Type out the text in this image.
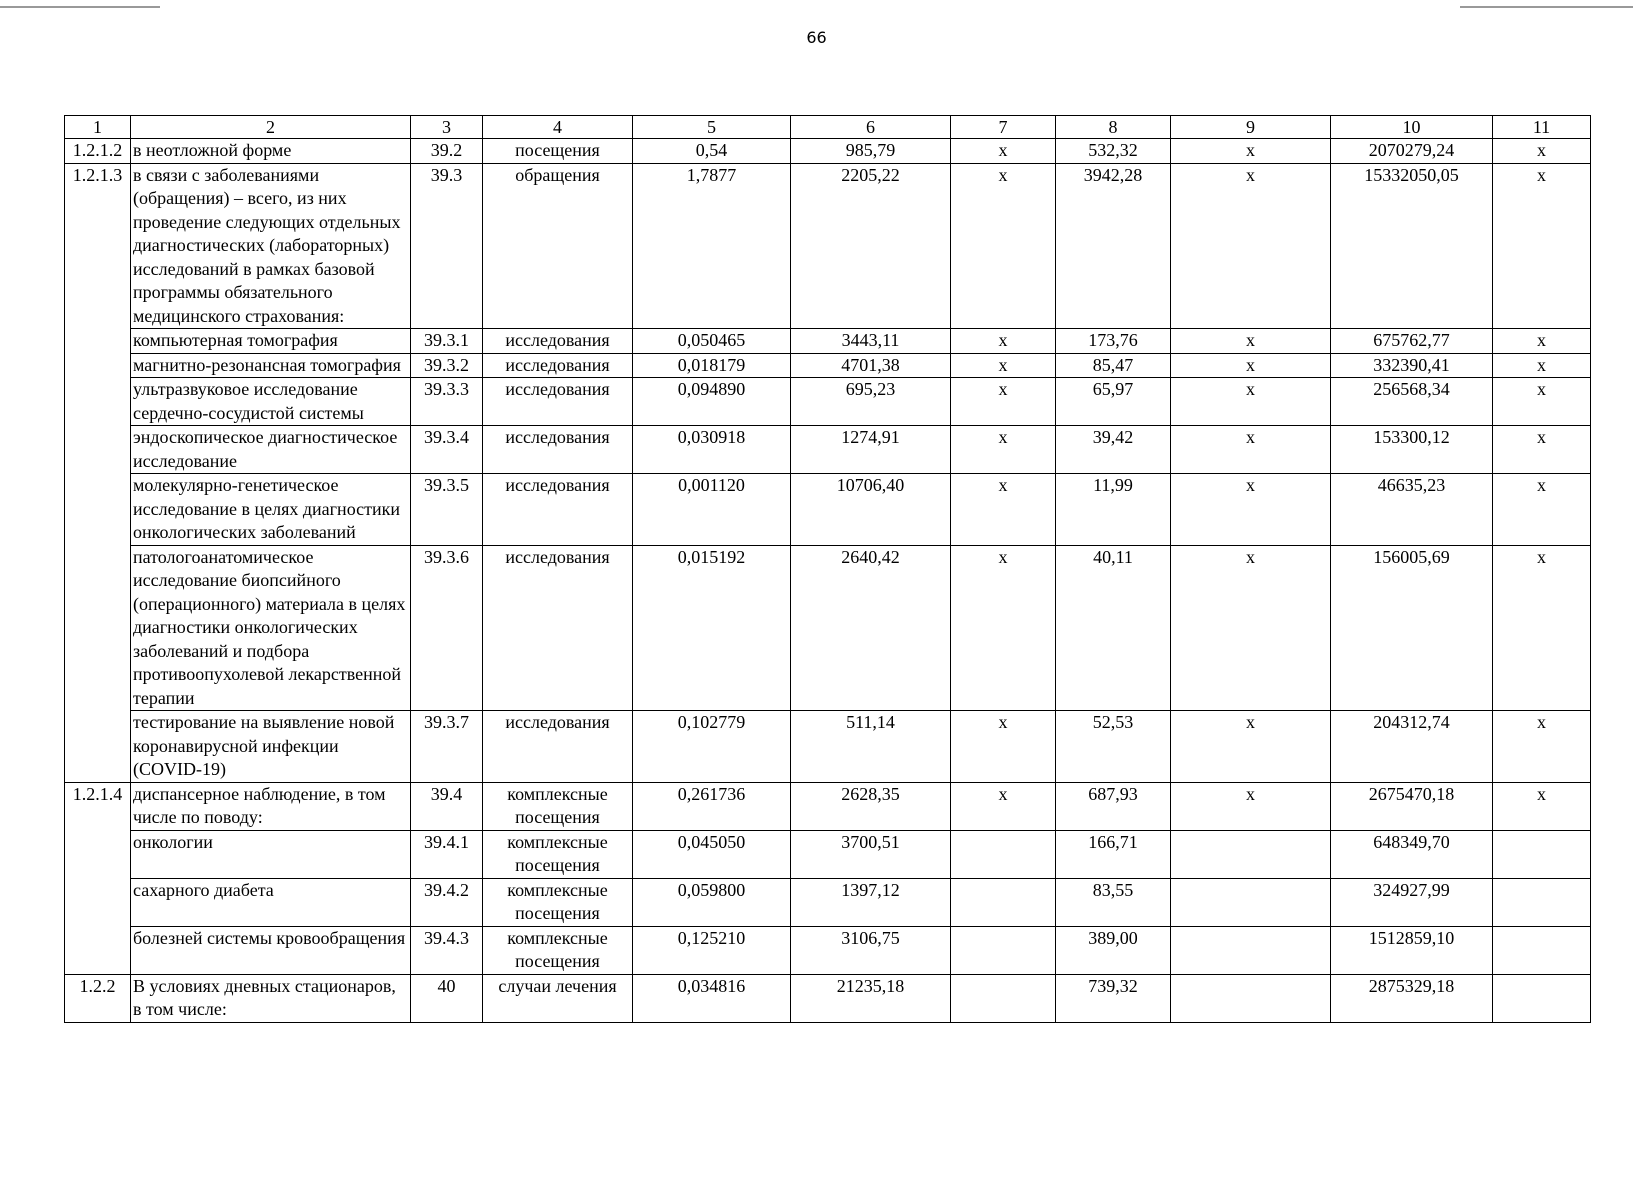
66
1	2	3	4	5	6	7	8	9	10	11
1.2.1.2	в неотложной форме	39.2	посещения	0,54	985,79	х	532,32	х	2070279,24	х
1.2.1.3	в связи с заболеваниями (обращения) – всего, из них проведение следующих отдельных диагностических (лабораторных) исследований в рамках базовой программы обязательного медицинского страхования:	39.3	обращения	1,7877	2205,22	х	3942,28	х	15332050,05	х
	компьютерная томография	39.3.1	исследования	0,050465	3443,11	х	173,76	х	675762,77	х
	магнитно-резонансная томография	39.3.2	исследования	0,018179	4701,38	х	85,47	х	332390,41	х
	ультразвуковое исследование сердечно-сосудистой системы	39.3.3	исследования	0,094890	695,23	х	65,97	х	256568,34	х
	эндоскопическое диагностическое исследование	39.3.4	исследования	0,030918	1274,91	х	39,42	х	153300,12	х
	молекулярно-генетическое исследование в целях диагностики онкологических заболеваний	39.3.5	исследования	0,001120	10706,40	х	11,99	х	46635,23	х
	патологоанатомическое исследование биопсийного (операционного) материала в целях диагностики онкологических заболеваний и подбора противоопухолевой лекарственной терапии	39.3.6	исследования	0,015192	2640,42	х	40,11	х	156005,69	х
	тестирование на выявление новой коронавирусной инфекции (COVID-19)	39.3.7	исследования	0,102779	511,14	х	52,53	х	204312,74	х
1.2.1.4	диспансерное наблюдение, в том числе по поводу:	39.4	комплексные посещения	0,261736	2628,35	х	687,93	х	2675470,18	х
	онкологии	39.4.1	комплексные посещения	0,045050	3700,51		166,71		648349,70	
	сахарного диабета	39.4.2	комплексные посещения	0,059800	1397,12		83,55		324927,99	
	болезней системы кровообращения	39.4.3	комплексные посещения	0,125210	3106,75		389,00		1512859,10	
1.2.2	В условиях дневных стационаров, в том числе:	40	случаи лечения	0,034816	21235,18		739,32		2875329,18	
